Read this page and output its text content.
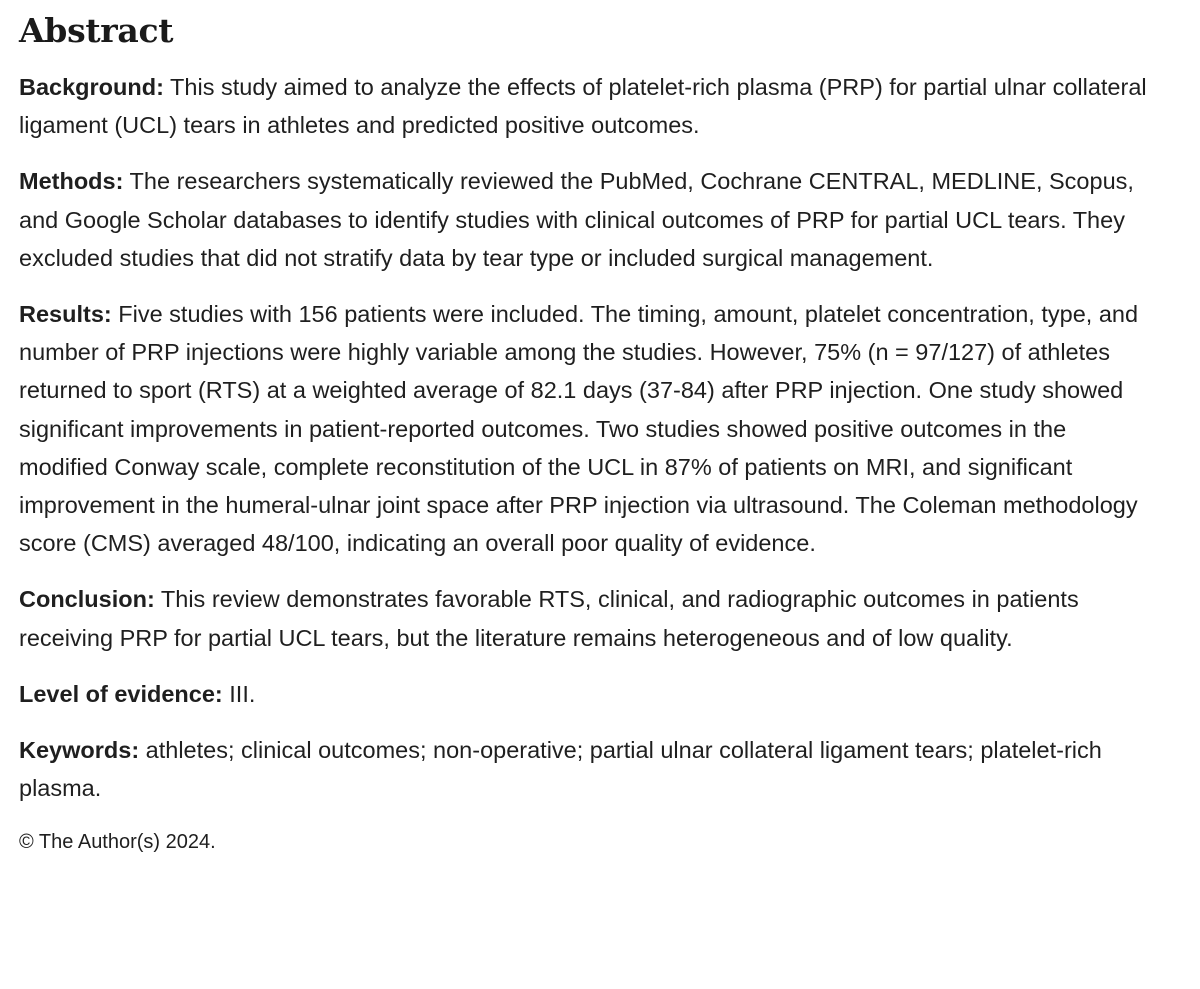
Abstract

Background: This study aimed to analyze the effects of platelet-rich plasma (PRP) for partial ulnar collateral ligament (UCL) tears in athletes and predicted positive outcomes.

Methods: The researchers systematically reviewed the PubMed, Cochrane CENTRAL, MEDLINE, Scopus, and Google Scholar databases to identify studies with clinical outcomes of PRP for partial UCL tears. They excluded studies that did not stratify data by tear type or included surgical management.

Results: Five studies with 156 patients were included. The timing, amount, platelet concentration, type, and number of PRP injections were highly variable among the studies. However, 75% (n = 97/127) of athletes returned to sport (RTS) at a weighted average of 82.1 days (37-84) after PRP injection. One study showed significant improvements in patient-reported outcomes. Two studies showed positive outcomes in the modified Conway scale, complete reconstitution of the UCL in 87% of patients on MRI, and significant improvement in the humeral-ulnar joint space after PRP injection via ultrasound. The Coleman methodology score (CMS) averaged 48/100, indicating an overall poor quality of evidence.

Conclusion: This review demonstrates favorable RTS, clinical, and radiographic outcomes in patients receiving PRP for partial UCL tears, but the literature remains heterogeneous and of low quality.

Level of evidence: III.

Keywords: athletes; clinical outcomes; non-operative; partial ulnar collateral ligament tears; platelet-rich plasma.

© The Author(s) 2024.
